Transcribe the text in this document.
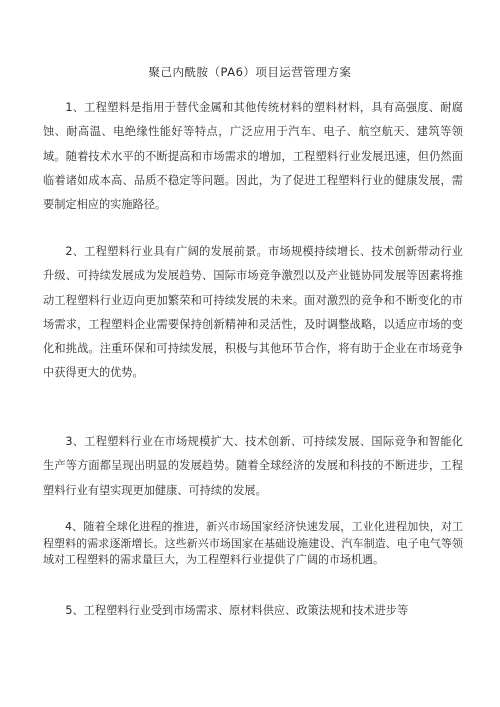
聚己内酰胺（PA6）项目运营管理方案

1、工程塑料是指用于替代金属和其他传统材料的塑料材料，具有高强度、耐腐蚀、耐高温、电绝缘性能好等特点，广泛应用于汽车、电子、航空航天、建筑等领域。随着技术水平的不断提高和市场需求的增加，工程塑料行业发展迅速，但仍然面临着诸如成本高、品质不稳定等问题。因此，为了促进工程塑料行业的健康发展，需要制定相应的实施路径。

2、工程塑料行业具有广阔的发展前景。市场规模持续增长、技术创新带动行业升级、可持续发展成为发展趋势、国际市场竞争激烈以及产业链协同发展等因素将推动工程塑料行业迈向更加繁荣和可持续发展的未来。面对激烈的竞争和不断变化的市场需求，工程塑料企业需要保持创新精神和灵活性，及时调整战略，以适应市场的变化和挑战。注重环保和可持续发展，积极与其他环节合作，将有助于企业在市场竞争中获得更大的优势。

3、工程塑料行业在市场规模扩大、技术创新、可持续发展、国际竞争和智能化生产等方面都呈现出明显的发展趋势。随着全球经济的发展和科技的不断进步，工程塑料行业有望实现更加健康、可持续的发展。

4、随着全球化进程的推进，新兴市场国家经济快速发展，工业化进程加快，对工程塑料的需求逐渐增长。这些新兴市场国家在基础设施建设、汽车制造、电子电气等领域对工程塑料的需求量巨大，为工程塑料行业提供了广阔的市场机遇。

5、工程塑料行业受到市场需求、原材料供应、政策法规和技术进步等
